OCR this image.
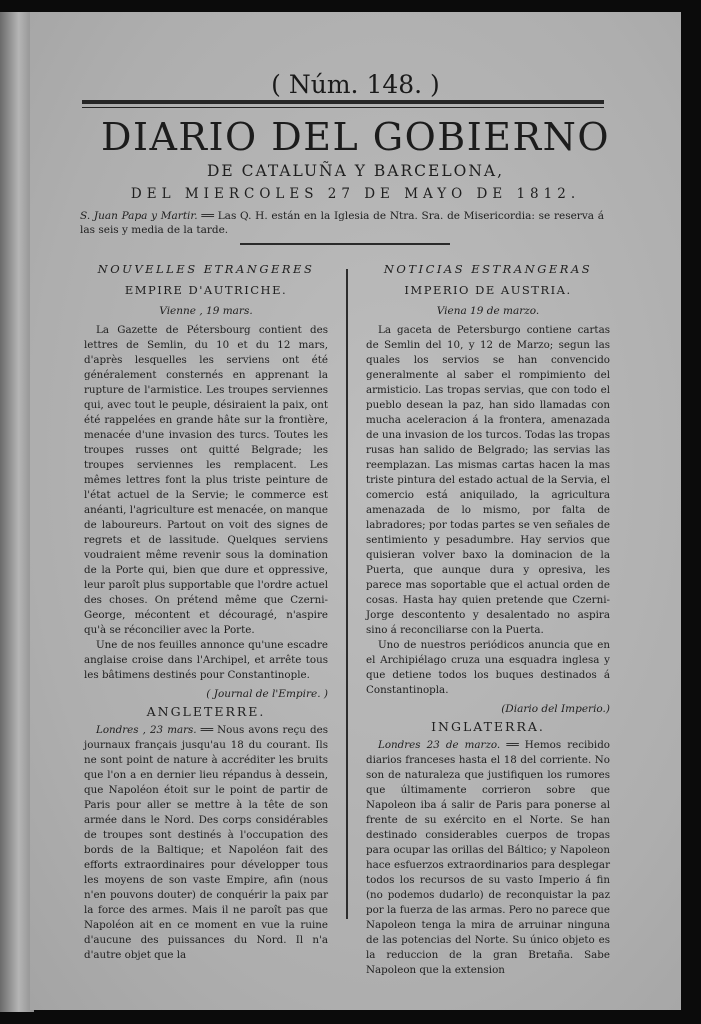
( Núm. 148. )
DIARIO DEL GOBIERNO
DE CATALUÑA Y BARCELONA,
DEL MIERCOLES 27 DE MAYO DE 1812.
S. Juan Papa y Martir. ══ Las Q. H. están en la Iglesia de Ntra. Sra. de Misericordia: se reserva á las seis y media de la tarde.

NOUVELLES ETRANGERES

EMPIRE D'AUTRICHE.

Vienne , 19 mars.

La Gazette de Pétersbourg contient des lettres de Semlin, du 10 et du 12 mars, d'après lesquelles les serviens ont été généralement consternés en apprenant la rupture de l'armistice. Les troupes serviennes qui, avec tout le peuple, désiraient la paix, ont été rappelées en grande hâte sur la frontière, menacée d'une invasion des turcs. Toutes les troupes russes ont quitté Belgrade; les troupes serviennes les remplacent. Les mêmes lettres font la plus triste peinture de l'état actuel de la Servie; le commerce est anéanti, l'agriculture est menacée, on manque de laboureurs. Partout on voit des signes de regrets et de lassitude. Quelques serviens voudraient même revenir sous la domination de la Porte qui, bien que dure et oppressive, leur paroît plus supportable que l'ordre actuel des choses. On prétend même que Czerni-George, mécontent et découragé, n'aspire qu'à se réconcilier avec la Porte.

Une de nos feuilles annonce qu'une escadre anglaise croise dans l'Archipel, et arrête tous les bâtimens destinés pour Constantinople.

( Journal de l'Empire. )

ANGLETERRE.

Londres , 23 mars. ══ Nous avons reçu des journaux français jusqu'au 18 du courant. Ils ne sont point de nature à accréditer les bruits que l'on a en dernier lieu répandus à dessein, que Napoléon étoit sur le point de partir de Paris pour aller se mettre à la tête de son armée dans le Nord. Des corps considérables de troupes sont destinés à l'occupation des bords de la Baltique; et Napoléon fait des efforts extraordinaires pour développer tous les moyens de son vaste Empire, afin (nous n'en pouvons douter) de conquérir la paix par la force des armes. Mais il ne paroît pas que Napoléon ait en ce moment en vue la ruine d'aucune des puissances du Nord. Il n'a d'autre objet que la

NOTICIAS ESTRANGERAS

IMPERIO DE AUSTRIA.

Viena 19 de marzo.

La gaceta de Petersburgo contiene cartas de Semlin del 10, y 12 de Marzo; segun las quales los servios se han convencido generalmente al saber el rompimiento del armisticio. Las tropas servias, que con todo el pueblo desean la paz, han sido llamadas con mucha aceleracion á la frontera, amenazada de una invasion de los turcos. Todas las tropas rusas han salido de Belgrado; las servias las reemplazan. Las mismas cartas hacen la mas triste pintura del estado actual de la Servia, el comercio está aniquilado, la agricultura amenazada de lo mismo, por falta de labradores; por todas partes se ven señales de sentimiento y pesadumbre. Hay servios que quisieran volver baxo la dominacion de la Puerta, que aunque dura y opresiva, les parece mas soportable que el actual orden de cosas. Hasta hay quien pretende que Czerni-Jorge descontento y desalentado no aspira sino á reconciliarse con la Puerta.

Uno de nuestros periódicos anuncia que en el Archipiélago cruza una esquadra inglesa y que detiene todos los buques destinados á Constantinopla.

(Diario del Imperio.)

INGLATERRA.

Londres 23 de marzo. ══ Hemos recibido diarios franceses hasta el 18 del corriente. No son de naturaleza que justifiquen los rumores que últimamente corrieron sobre que Napoleon iba á salir de Paris para ponerse al frente de su exército en el Norte. Se han destinado considerables cuerpos de tropas para ocupar las orillas del Báltico; y Napoleon hace esfuerzos extraordinarios para desplegar todos los recursos de su vasto Imperio á fin (no podemos dudarlo) de reconquistar la paz por la fuerza de las armas. Pero no parece que Napoleon tenga la mira de arruinar ninguna de las potencias del Norte. Su único objeto es la reduccion de la gran Bretaña. Sabe Napoleon que la extension
